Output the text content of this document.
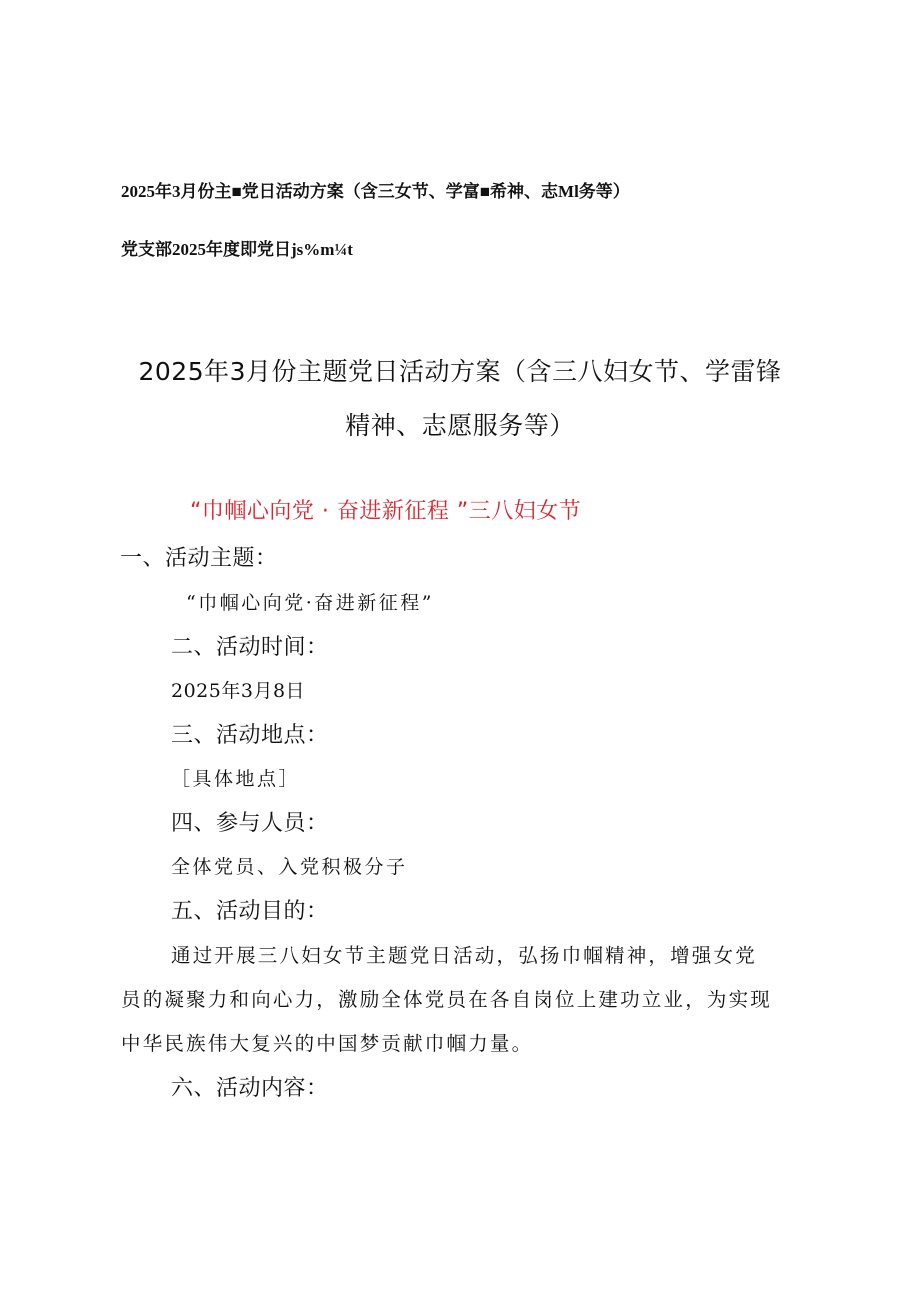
2025年3月份主■党日活动方案（含三女节、学富■希神、志Ml务等）
党支部2025年度即党日js%m¼t
2025年3月份主题党日活动方案（含三八妇女节、学雷锋
精神、志愿服务等）
“巾帼心向党 · 奋进新征程 ”三八妇女节
一、活动主题：
“巾帼心向党·奋进新征程”
二、活动时间：
2025年3月8日
三、活动地点：
［具体地点］
四、参与人员：
全体党员、入党积极分子
五、活动目的：
通过开展三八妇女节主题党日活动，弘扬巾帼精神，增强女党
员的凝聚力和向心力，激励全体党员在各自岗位上建功立业，为实现
中华民族伟大复兴的中国梦贡献巾帼力量。
六、活动内容：
